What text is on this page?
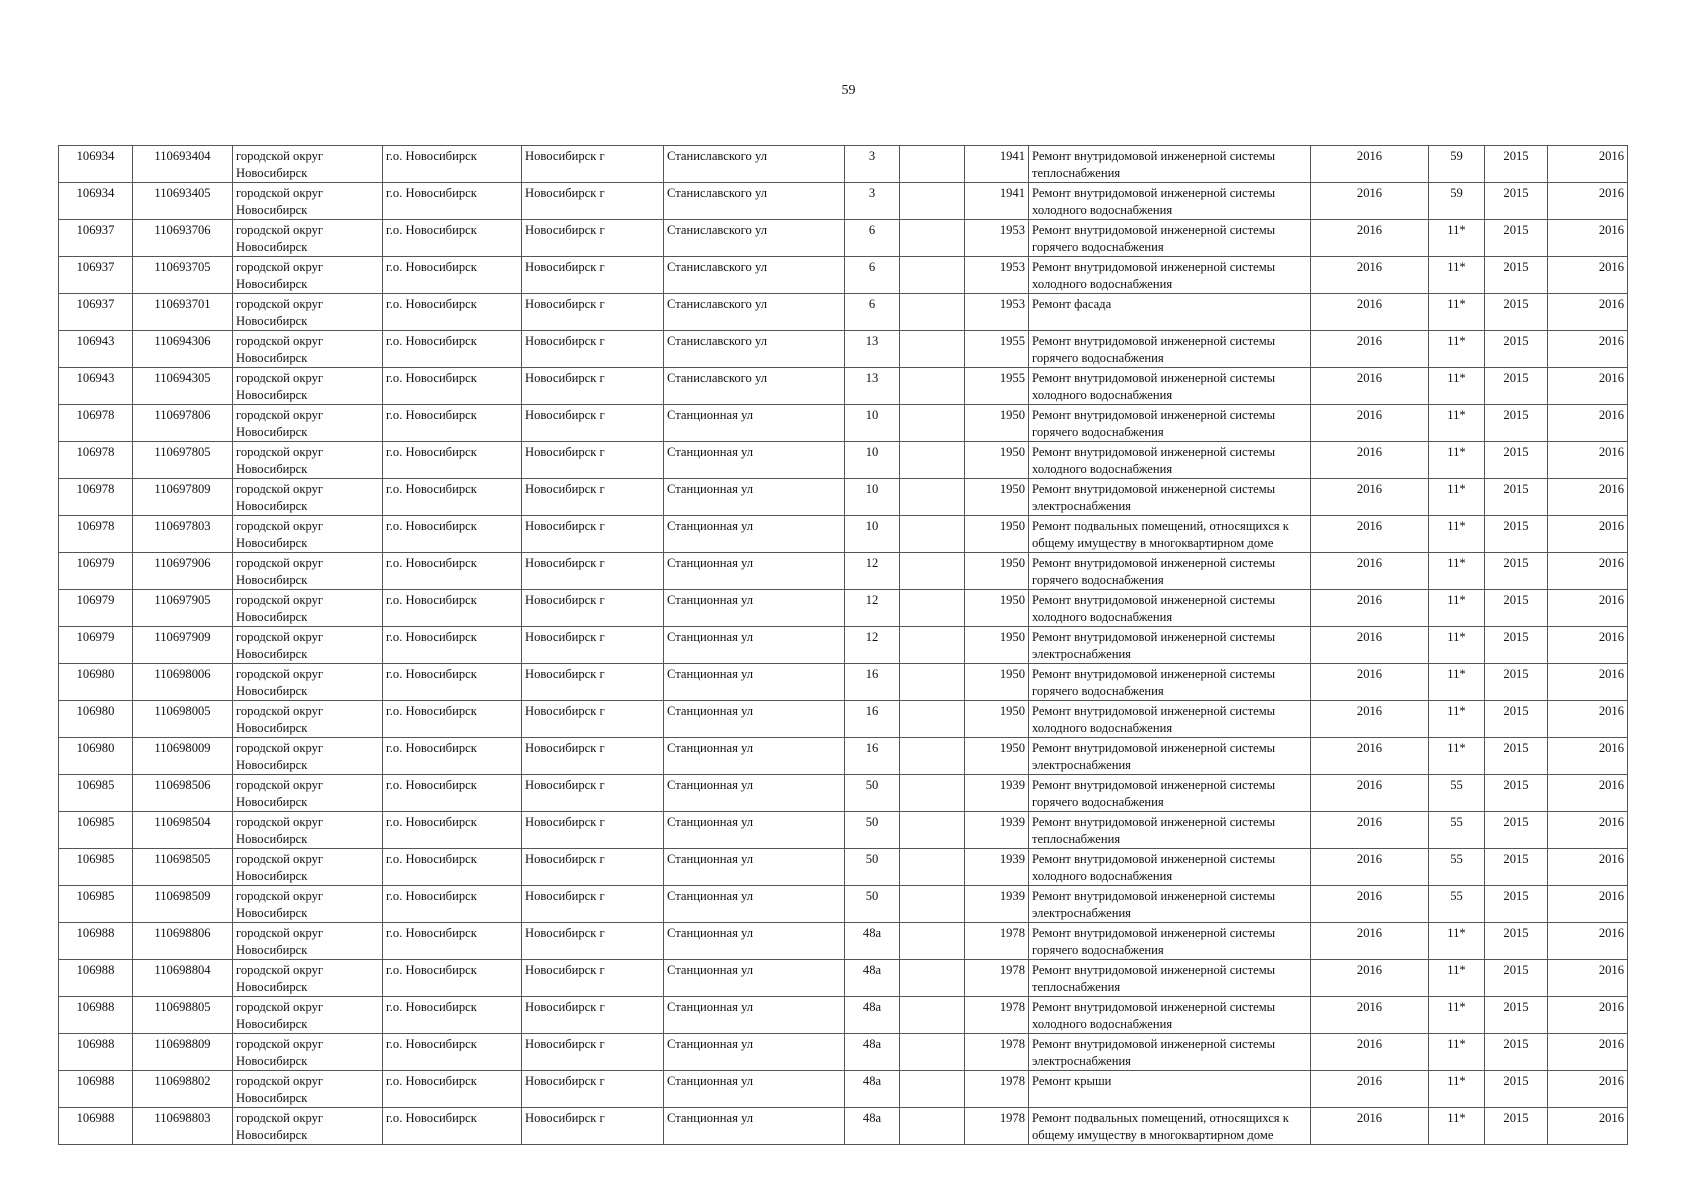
59
106934	110693404	городской округ Новосибирск	г.о. Новосибирск	Новосибирск г	Станиславского ул	3		1941	Ремонт внутридомовой инженерной системы теплоснабжения	2016	59	2015	2016
106934	110693405	городской округ Новосибирск	г.о. Новосибирск	Новосибирск г	Станиславского ул	3		1941	Ремонт внутридомовой инженерной системы холодного водоснабжения	2016	59	2015	2016
106937	110693706	городской округ Новосибирск	г.о. Новосибирск	Новосибирск г	Станиславского ул	6		1953	Ремонт внутридомовой инженерной системы горячего водоснабжения	2016	11*	2015	2016
106937	110693705	городской округ Новосибирск	г.о. Новосибирск	Новосибирск г	Станиславского ул	6		1953	Ремонт внутридомовой инженерной системы холодного водоснабжения	2016	11*	2015	2016
106937	110693701	городской округ Новосибирск	г.о. Новосибирск	Новосибирск г	Станиславского ул	6		1953	Ремонт фасада	2016	11*	2015	2016
106943	110694306	городской округ Новосибирск	г.о. Новосибирск	Новосибирск г	Станиславского ул	13		1955	Ремонт внутридомовой инженерной системы горячего водоснабжения	2016	11*	2015	2016
106943	110694305	городской округ Новосибирск	г.о. Новосибирск	Новосибирск г	Станиславского ул	13		1955	Ремонт внутридомовой инженерной системы холодного водоснабжения	2016	11*	2015	2016
106978	110697806	городской округ Новосибирск	г.о. Новосибирск	Новосибирск г	Станционная ул	10		1950	Ремонт внутридомовой инженерной системы горячего водоснабжения	2016	11*	2015	2016
106978	110697805	городской округ Новосибирск	г.о. Новосибирск	Новосибирск г	Станционная ул	10		1950	Ремонт внутридомовой инженерной системы холодного водоснабжения	2016	11*	2015	2016
106978	110697809	городской округ Новосибирск	г.о. Новосибирск	Новосибирск г	Станционная ул	10		1950	Ремонт внутридомовой инженерной системы электроснабжения	2016	11*	2015	2016
106978	110697803	городской округ Новосибирск	г.о. Новосибирск	Новосибирск г	Станционная ул	10		1950	Ремонт подвальных помещений, относящихся к общему имуществу в многоквартирном доме	2016	11*	2015	2016
106979	110697906	городской округ Новосибирск	г.о. Новосибирск	Новосибирск г	Станционная ул	12		1950	Ремонт внутридомовой инженерной системы горячего водоснабжения	2016	11*	2015	2016
106979	110697905	городской округ Новосибирск	г.о. Новосибирск	Новосибирск г	Станционная ул	12		1950	Ремонт внутридомовой инженерной системы холодного водоснабжения	2016	11*	2015	2016
106979	110697909	городской округ Новосибирск	г.о. Новосибирск	Новосибирск г	Станционная ул	12		1950	Ремонт внутридомовой инженерной системы электроснабжения	2016	11*	2015	2016
106980	110698006	городской округ Новосибирск	г.о. Новосибирск	Новосибирск г	Станционная ул	16		1950	Ремонт внутридомовой инженерной системы горячего водоснабжения	2016	11*	2015	2016
106980	110698005	городской округ Новосибирск	г.о. Новосибирск	Новосибирск г	Станционная ул	16		1950	Ремонт внутридомовой инженерной системы холодного водоснабжения	2016	11*	2015	2016
106980	110698009	городской округ Новосибирск	г.о. Новосибирск	Новосибирск г	Станционная ул	16		1950	Ремонт внутридомовой инженерной системы электроснабжения	2016	11*	2015	2016
106985	110698506	городской округ Новосибирск	г.о. Новосибирск	Новосибирск г	Станционная ул	50		1939	Ремонт внутридомовой инженерной системы горячего водоснабжения	2016	55	2015	2016
106985	110698504	городской округ Новосибирск	г.о. Новосибирск	Новосибирск г	Станционная ул	50		1939	Ремонт внутридомовой инженерной системы теплоснабжения	2016	55	2015	2016
106985	110698505	городской округ Новосибирск	г.о. Новосибирск	Новосибирск г	Станционная ул	50		1939	Ремонт внутридомовой инженерной системы холодного водоснабжения	2016	55	2015	2016
106985	110698509	городской округ Новосибирск	г.о. Новосибирск	Новосибирск г	Станционная ул	50		1939	Ремонт внутридомовой инженерной системы электроснабжения	2016	55	2015	2016
106988	110698806	городской округ Новосибирск	г.о. Новосибирск	Новосибирск г	Станционная ул	48а		1978	Ремонт внутридомовой инженерной системы горячего водоснабжения	2016	11*	2015	2016
106988	110698804	городской округ Новосибирск	г.о. Новосибирск	Новосибирск г	Станционная ул	48а		1978	Ремонт внутридомовой инженерной системы теплоснабжения	2016	11*	2015	2016
106988	110698805	городской округ Новосибирск	г.о. Новосибирск	Новосибирск г	Станционная ул	48а		1978	Ремонт внутридомовой инженерной системы холодного водоснабжения	2016	11*	2015	2016
106988	110698809	городской округ Новосибирск	г.о. Новосибирск	Новосибирск г	Станционная ул	48а		1978	Ремонт внутридомовой инженерной системы электроснабжения	2016	11*	2015	2016
106988	110698802	городской округ Новосибирск	г.о. Новосибирск	Новосибирск г	Станционная ул	48а		1978	Ремонт крыши	2016	11*	2015	2016
106988	110698803	городской округ Новосибирск	г.о. Новосибирск	Новосибирск г	Станционная ул	48а		1978	Ремонт подвальных помещений, относящихся к общему имуществу в многоквартирном доме	2016	11*	2015	2016
